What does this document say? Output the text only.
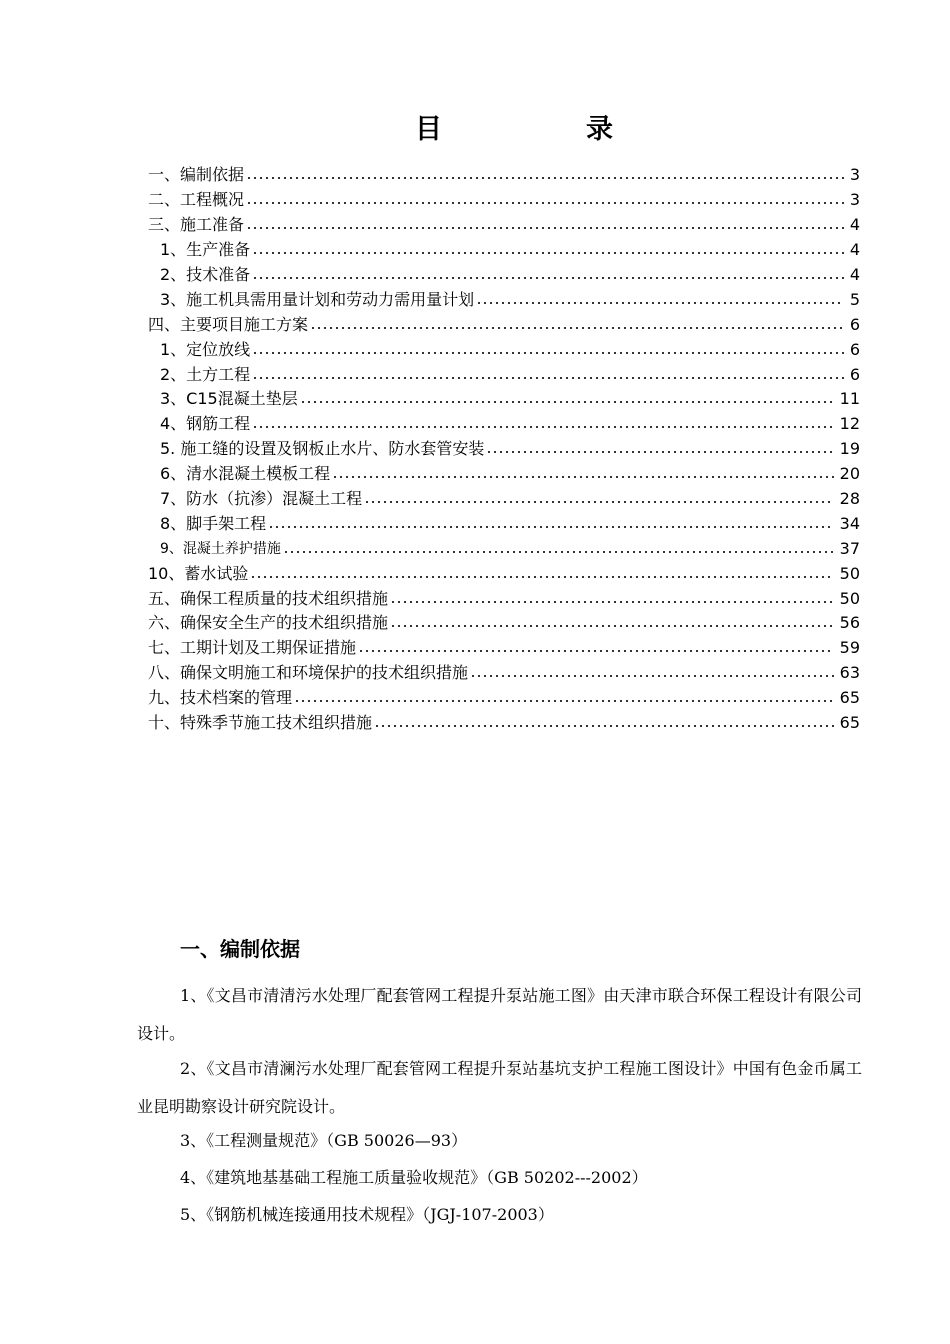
目	录
一、编制依据	3
二、工程概况	3
三、施工准备	4
1、生产准备	4
2、技术准备	4
3、施工机具需用量计划和劳动力需用量计划	5
四、主要项目施工方案	6
1、定位放线	6
2、土方工程	6
3、C15混凝土垫层	11
4、钢筋工程	12
5. 施工缝的设置及钢板止水片、防水套管安装	19
6、清水混凝土模板工程	20
7、防水（抗渗）混凝土工程	28
8、脚手架工程	34
9、混凝土养护措施	37
10、蓄水试验	50
五、确保工程质量的技术组织措施	50
六、确保安全生产的技术组织措施	56
七、工期计划及工期保证措施	59
八、确保文明施工和环境保护的技术组织措施	63
九、技术档案的管理	65
十、特殊季节施工技术组织措施	65
一、编制依据

1、《文昌市清清污水处理厂配套管网工程提升泵站施工图》由天津市联合环保工程设计有限公司设计。

2、《文昌市清澜污水处理厂配套管网工程提升泵站基坑支护工程施工图设计》中国有色金币属工业昆明勘察设计研究院设计。

3、《工程测量规范》（GB 50026—93）

4、《建筑地基基础工程施工质量验收规范》（GB 50202---2002）

5、《钢筋机械连接通用技术规程》（JGJ-107-2003）
